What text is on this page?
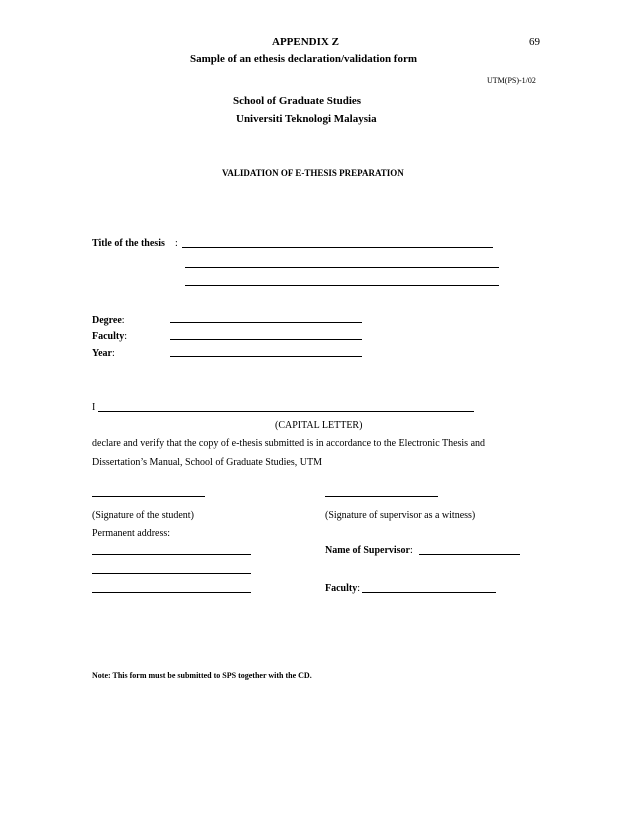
APPENDIX Z	69
Sample of an ethesis declaration/validation form
UTM(PS)-1/02
School of Graduate Studies
Universiti Teknologi Malaysia
VALIDATION OF E-THESIS PREPARATION
Title of the thesis :
Degree:
Faculty:
Year:
I
(CAPITAL LETTER)
declare and verify that the copy of e-thesis submitted is in accordance to the Electronic Thesis and
Dissertation’s Manual, School of Graduate Studies, UTM
(Signature of the student)	(Signature of supervisor as a witness)
Permanent address:
Name of Supervisor:
Faculty:
Note: This form must be submitted to SPS together with the CD.
